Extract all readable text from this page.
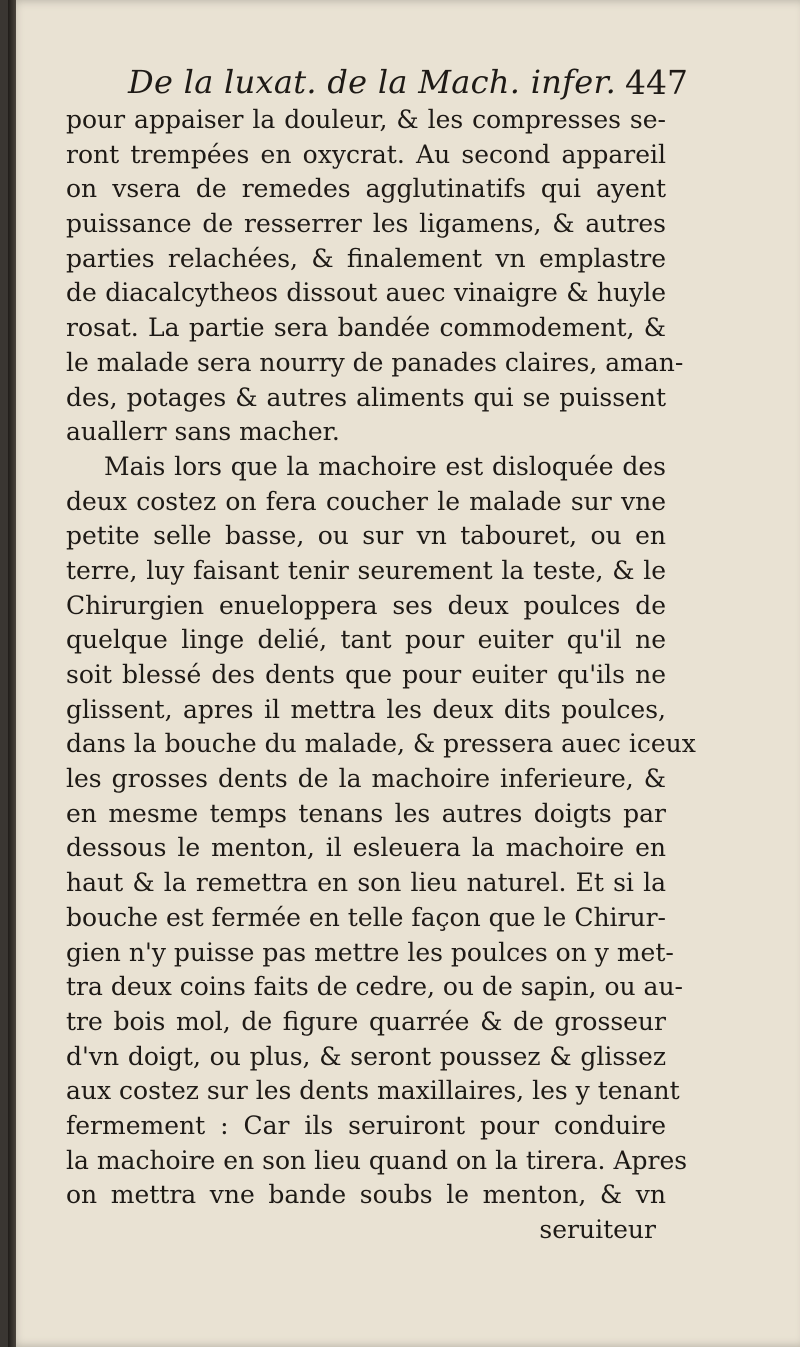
De la luxat. de la Mach. infer. 447
pour appaiser la douleur, & les compresses se-
ront trempées en oxycrat. Au second appareil
on vsera de remedes agglutinatifs qui ayent
puissance de resserrer les ligamens, & autres
parties relachées, & finalement vn emplastre
de diacalcytheos dissout auec vinaigre & huyle
rosat. La partie sera bandée commodement, &
le malade sera nourry de panades claires, aman-
des, potages & autres aliments qui se puissent
auallerr sans macher.
Mais lors que la machoire est disloquée des
deux costez on fera coucher le malade sur vne
petite selle basse, ou sur vn tabouret, ou en
terre, luy faisant tenir seurement la teste, & le
Chirurgien enueloppera ses deux poulces de
quelque linge delié, tant pour euiter qu'il ne
soit blessé des dents que pour euiter qu'ils ne
glissent, apres il mettra les deux dits poulces,
dans la bouche du malade, & pressera auec iceux
les grosses dents de la machoire inferieure, &
en mesme temps tenans les autres doigts par
dessous le menton, il esleuera la machoire en
haut & la remettra en son lieu naturel. Et si la
bouche est fermée en telle façon que le Chirur-
gien n'y puisse pas mettre les poulces on y met-
tra deux coins faits de cedre, ou de sapin, ou au-
tre bois mol, de figure quarrée & de grosseur
d'vn doigt, ou plus, & seront poussez & glissez
aux costez sur les dents maxillaires, les y tenant
fermement : Car ils seruiront pour conduire
la machoire en son lieu quand on la tirera. Apres
on mettra vne bande soubs le menton, & vn
seruiteur
